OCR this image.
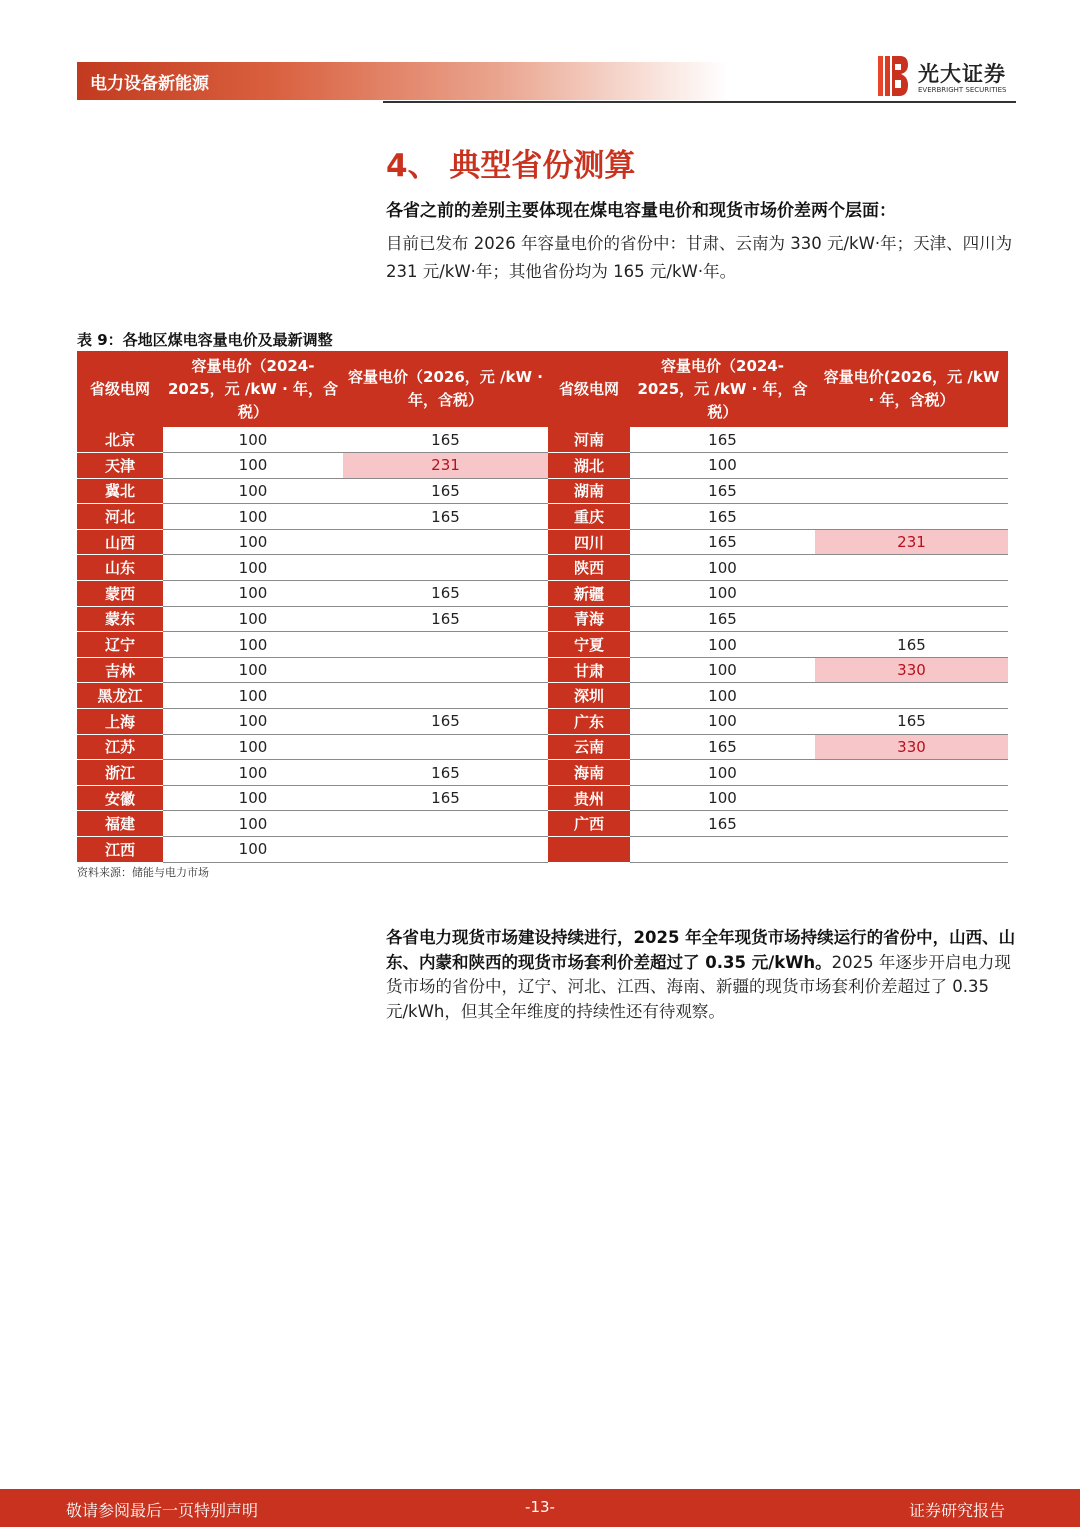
电力设备新能源	光大证券
EVERBRIGHT SECURITIES
4、 典型省份测算
各省之前的差别主要体现在煤电容量电价和现货市场价差两个层面：
目前已发布 2026 年容量电价的省份中：甘肃、云南为 330 元/kW·年；天津、四川为 231 元/kW·年；其他省份均为 165 元/kW·年。
表 9：各地区煤电容量电价及最新调整
省级电网	容量电价（2024-2025，元 /kW · 年，含税）	容量电价（2026，元 /kW · 年，含税）	省级电网	容量电价（2024-2025，元 /kW · 年，含税）	容量电价(2026，元 /kW · 年，含税）
北京	100	165	河南	165	
天津	100	231	湖北	100	
冀北	100	165	湖南	165	
河北	100	165	重庆	165	
山西	100		四川	165	231
山东	100		陕西	100	
蒙西	100	165	新疆	100	
蒙东	100	165	青海	165	
辽宁	100		宁夏	100	165
吉林	100		甘肃	100	330
黑龙江	100		深圳	100	
上海	100	165	广东	100	165
江苏	100		云南	165	330
浙江	100	165	海南	100	
安徽	100	165	贵州	100	
福建	100		广西	165	
江西	100				
资料来源：储能与电力市场
各省电力现货市场建设持续进行，2025 年全年现货市场持续运行的省份中，山西、山东、内蒙和陕西的现货市场套利价差超过了 0.35 元/kWh。2025 年逐步开启电力现货市场的省份中，辽宁、河北、江西、海南、新疆的现货市场套利价差超过了 0.35 元/kWh，但其全年维度的持续性还有待观察。
敬请参阅最后一页特别声明	-13-	证券研究报告
